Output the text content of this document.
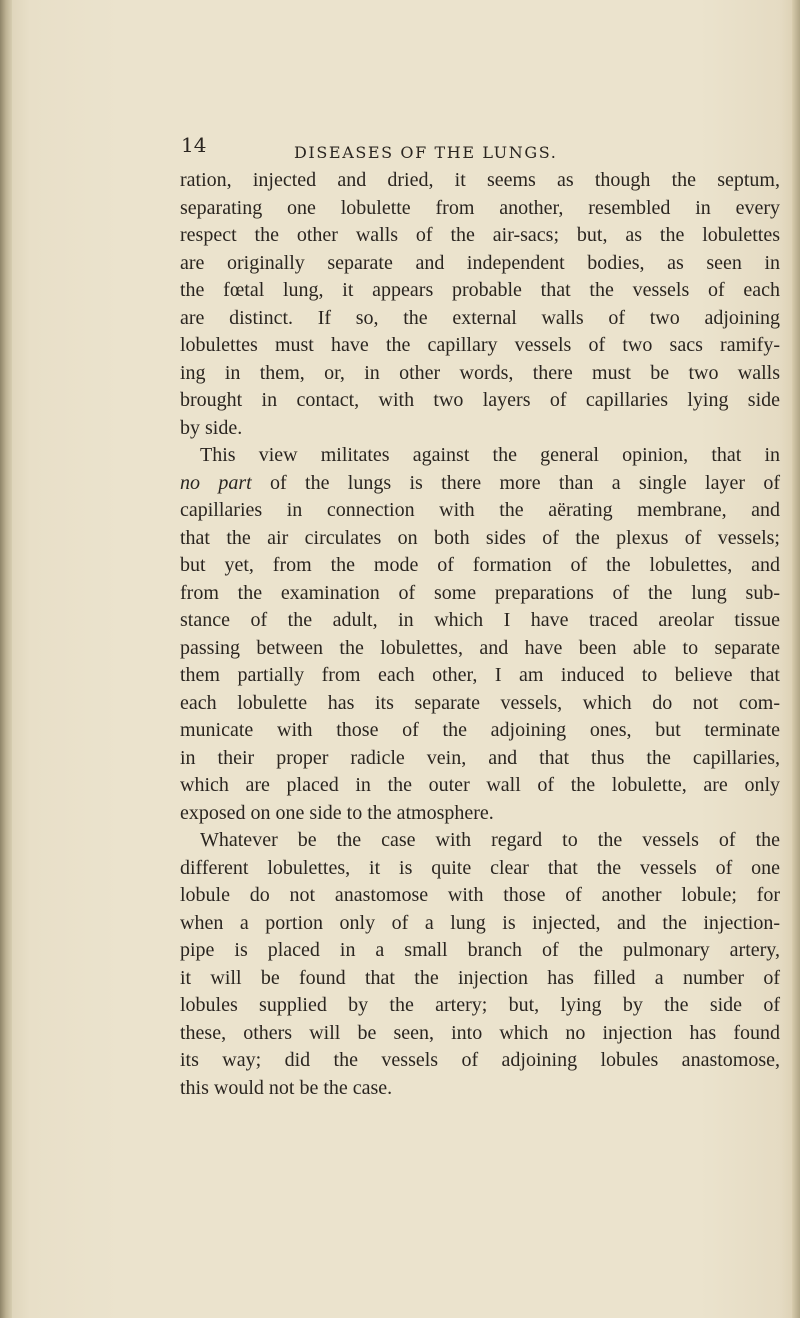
14	DISEASES OF THE LUNGS.
ration, injected and dried, it seems as though the septum,
separating one lobulette from another, resembled in every
respect the other walls of the air-sacs; but, as the lobulettes
are originally separate and independent bodies, as seen in
the fœtal lung, it appears probable that the vessels of each
are distinct. If so, the external walls of two adjoining
lobulettes must have the capillary vessels of two sacs ramify-
ing in them, or, in other words, there must be two walls
brought in contact, with two layers of capillaries lying side
by side.
This view militates against the general opinion, that in
no part of the lungs is there more than a single layer of
capillaries in connection with the aërating membrane, and
that the air circulates on both sides of the plexus of vessels;
but yet, from the mode of formation of the lobulettes, and
from the examination of some preparations of the lung sub-
stance of the adult, in which I have traced areolar tissue
passing between the lobulettes, and have been able to separate
them partially from each other, I am induced to believe that
each lobulette has its separate vessels, which do not com-
municate with those of the adjoining ones, but terminate
in their proper radicle vein, and that thus the capillaries,
which are placed in the outer wall of the lobulette, are only
exposed on one side to the atmosphere.
Whatever be the case with regard to the vessels of the
different lobulettes, it is quite clear that the vessels of one
lobule do not anastomose with those of another lobule; for
when a portion only of a lung is injected, and the injection-
pipe is placed in a small branch of the pulmonary artery,
it will be found that the injection has filled a number of
lobules supplied by the artery; but, lying by the side of
these, others will be seen, into which no injection has found
its way; did the vessels of adjoining lobules anastomose,
this would not be the case.
